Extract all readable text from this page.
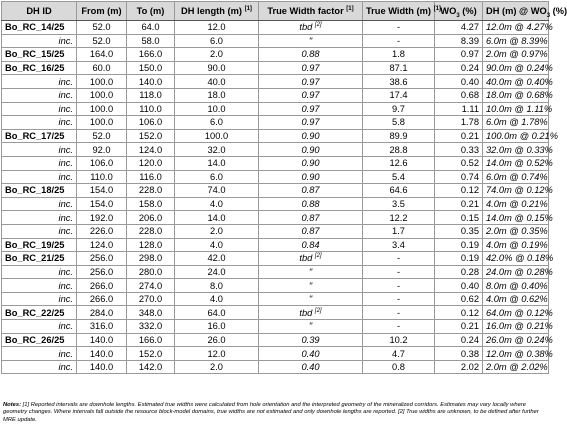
DH ID	From (m)	To (m)	DH length (m) [1]	True Width factor [1]	True Width (m) [1]	$WO_3$ (%)	DH (m) @ $WO_3$ (%)
Bo_RC_14/25	52.0	64.0	12.0	tbd [2]	-	4.27	12.0m @ 4.27%
inc.	52.0	58.0	6.0	"	-	8.39	6.0m @ 8.39%
Bo_RC_15/25	164.0	166.0	2.0	0.88	1.8	0.97	2.0m @ 0.97%
Bo_RC_16/25	60.0	150.0	90.0	0.97	87.1	0.24	90.0m @ 0.24%
inc.	100.0	140.0	40.0	0.97	38.6	0.40	40.0m @ 0.40%
inc.	100.0	118.0	18.0	0.97	17.4	0.68	18.0m @ 0.68%
inc.	100.0	110.0	10.0	0.97	9.7	1.11	10.0m @ 1.11%
inc.	100.0	106.0	6.0	0.97	5.8	1.78	6.0m @ 1.78%
Bo_RC_17/25	52.0	152.0	100.0	0.90	89.9	0.21	100.0m @ 0.21%
inc.	92.0	124.0	32.0	0.90	28.8	0.33	32.0m @ 0.33%
inc.	106.0	120.0	14.0	0.90	12.6	0.52	14.0m @ 0.52%
inc.	110.0	116.0	6.0	0.90	5.4	0.74	6.0m @ 0.74%
Bo_RC_18/25	154.0	228.0	74.0	0.87	64.6	0.12	74.0m @ 0.12%
inc.	154.0	158.0	4.0	0.88	3.5	0.21	4.0m @ 0.21%
inc.	192.0	206.0	14.0	0.87	12.2	0.15	14.0m @ 0.15%
inc.	226.0	228.0	2.0	0.87	1.7	0.35	2.0m @ 0.35%
Bo_RC_19/25	124.0	128.0	4.0	0.84	3.4	0.19	4.0m @ 0.19%
Bo_RC_21/25	256.0	298.0	42.0	tbd [2]	-	0.19	42.0% @ 0.18%
inc.	256.0	280.0	24.0	"	-	0.28	24.0m @ 0.28%
inc.	266.0	274.0	8.0	"	-	0.40	8.0m @ 0.40%
inc.	266.0	270.0	4.0	"	-	0.62	4.0m @ 0.62%
Bo_RC_22/25	284.0	348.0	64.0	tbd [2]	-	0.12	64.0m @ 0.12%
inc.	316.0	332.0	16.0	"	-	0.21	16.0m @ 0.21%
Bo_RC_26/25	140.0	166.0	26.0	0.39	10.2	0.24	26.0m @ 0.24%
inc.	140.0	152.0	12.0	0.40	4.7	0.38	12.0m @ 0.38%
inc.	140.0	142.0	2.0	0.40	0.8	2.02	2.0m @ 2.02%
Notes: [1] Reported intervals are downhole lengths. Estimated true widths were calculated from hole orientation and the interpreted geometry of the mineralized corridors. Estimates may vary locally where geometry changes. Where intervals fall outside the resource block-model domains, true widths are not estimated and only downhole lengths are reported. [2] True widths are unknown, to be defined after further MRE update.
